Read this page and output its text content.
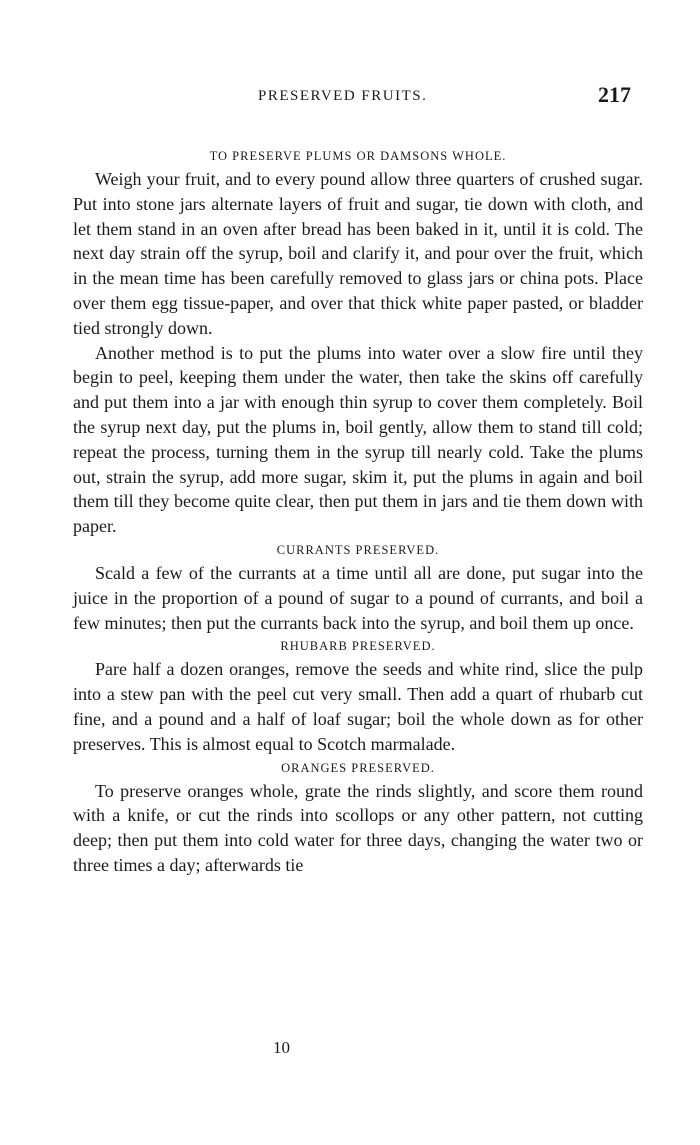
PRESERVED FRUITS.	217
TO PRESERVE PLUMS OR DAMSONS WHOLE.

Weigh your fruit, and to every pound allow three quarters of crushed sugar. Put into stone jars alternate layers of fruit and sugar, tie down with cloth, and let them stand in an oven after bread has been baked in it, until it is cold. The next day strain off the syrup, boil and clarify it, and pour over the fruit, which in the mean time has been carefully removed to glass jars or china pots. Place over them egg tissue-paper, and over that thick white paper pasted, or bladder tied strongly down.

Another method is to put the plums into water over a slow fire until they begin to peel, keeping them under the water, then take the skins off carefully and put them into a jar with enough thin syrup to cover them completely. Boil the syrup next day, put the plums in, boil gently, allow them to stand till cold; repeat the process, turning them in the syrup till nearly cold. Take the plums out, strain the syrup, add more sugar, skim it, put the plums in again and boil them till they become quite clear, then put them in jars and tie them down with paper.

CURRANTS PRESERVED.

Scald a few of the currants at a time until all are done, put sugar into the juice in the proportion of a pound of sugar to a pound of currants, and boil a few minutes; then put the currants back into the syrup, and boil them up once.

RHUBARB PRESERVED.

Pare half a dozen oranges, remove the seeds and white rind, slice the pulp into a stew pan with the peel cut very small. Then add a quart of rhubarb cut fine, and a pound and a half of loaf sugar; boil the whole down as for other preserves. This is almost equal to Scotch marmalade.

ORANGES PRESERVED.

To preserve oranges whole, grate the rinds slightly, and score them round with a knife, or cut the rinds into scollops or any other pattern, not cutting deep; then put them into cold water for three days, changing the water two or three times a day; afterwards tie

10
